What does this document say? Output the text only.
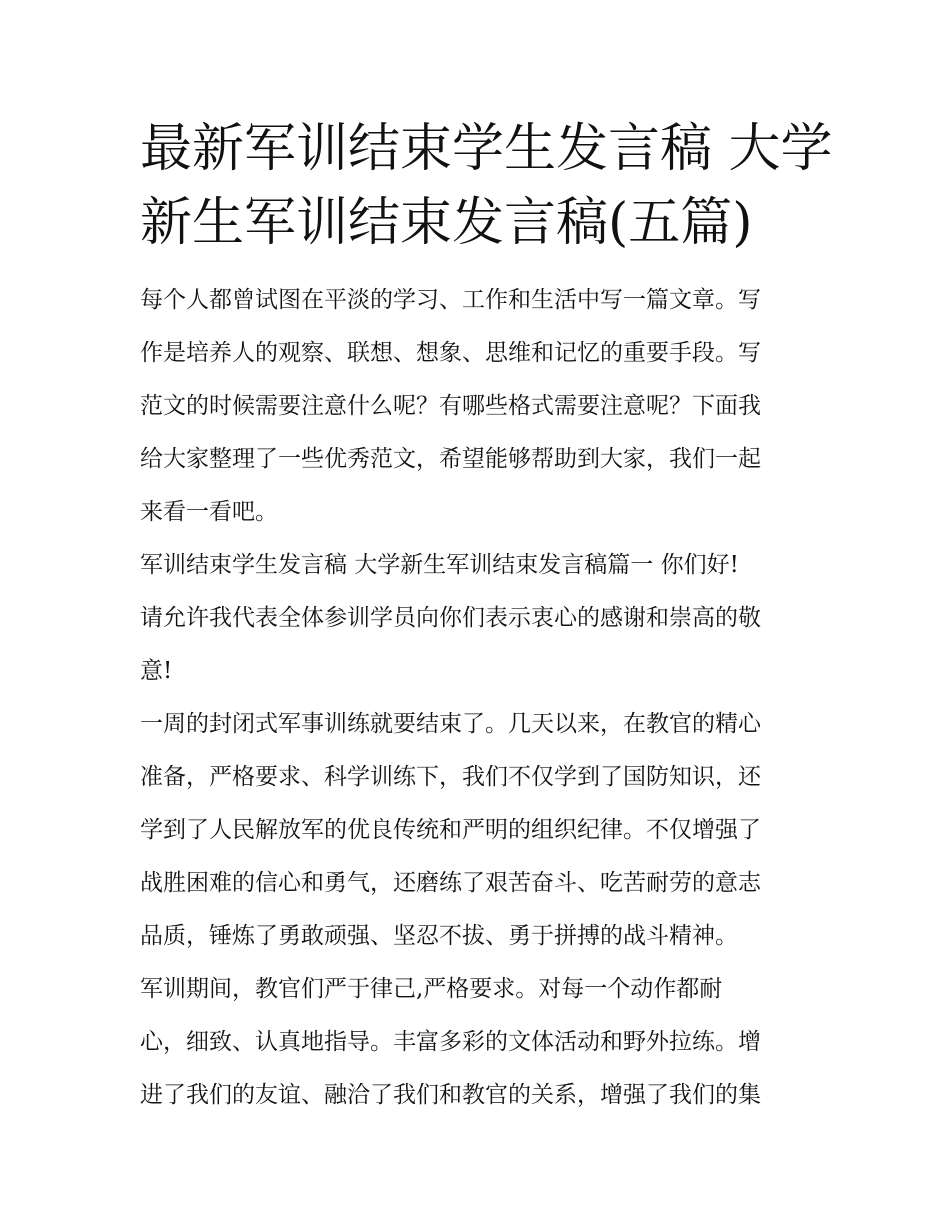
最新军训结束学生发言稿 大学
新生军训结束发言稿(五篇)
每个人都曾试图在平淡的学习、工作和生活中写一篇文章。写
作是培养人的观察、联想、想象、思维和记忆的重要手段。写
范文的时候需要注意什么呢？有哪些格式需要注意呢？下面我
给大家整理了一些优秀范文，希望能够帮助到大家，我们一起
来看一看吧。
军训结束学生发言稿 大学新生军训结束发言稿篇一 你们好!
请允许我代表全体参训学员向你们表示衷心的感谢和崇高的敬
意!
一周的封闭式军事训练就要结束了。几天以来，在教官的精心
准备，严格要求、科学训练下，我们不仅学到了国防知识，还
学到了人民解放军的优良传统和严明的组织纪律。不仅增强了
战胜困难的信心和勇气，还磨练了艰苦奋斗、吃苦耐劳的意志
品质，锤炼了勇敢顽强、坚忍不拔、勇于拼搏的战斗精神。
军训期间，教官们严于律己,严格要求。对每一个动作都耐
心，细致、认真地指导。丰富多彩的文体活动和野外拉练。增
进了我们的友谊、融洽了我们和教官的关系，增强了我们的集
